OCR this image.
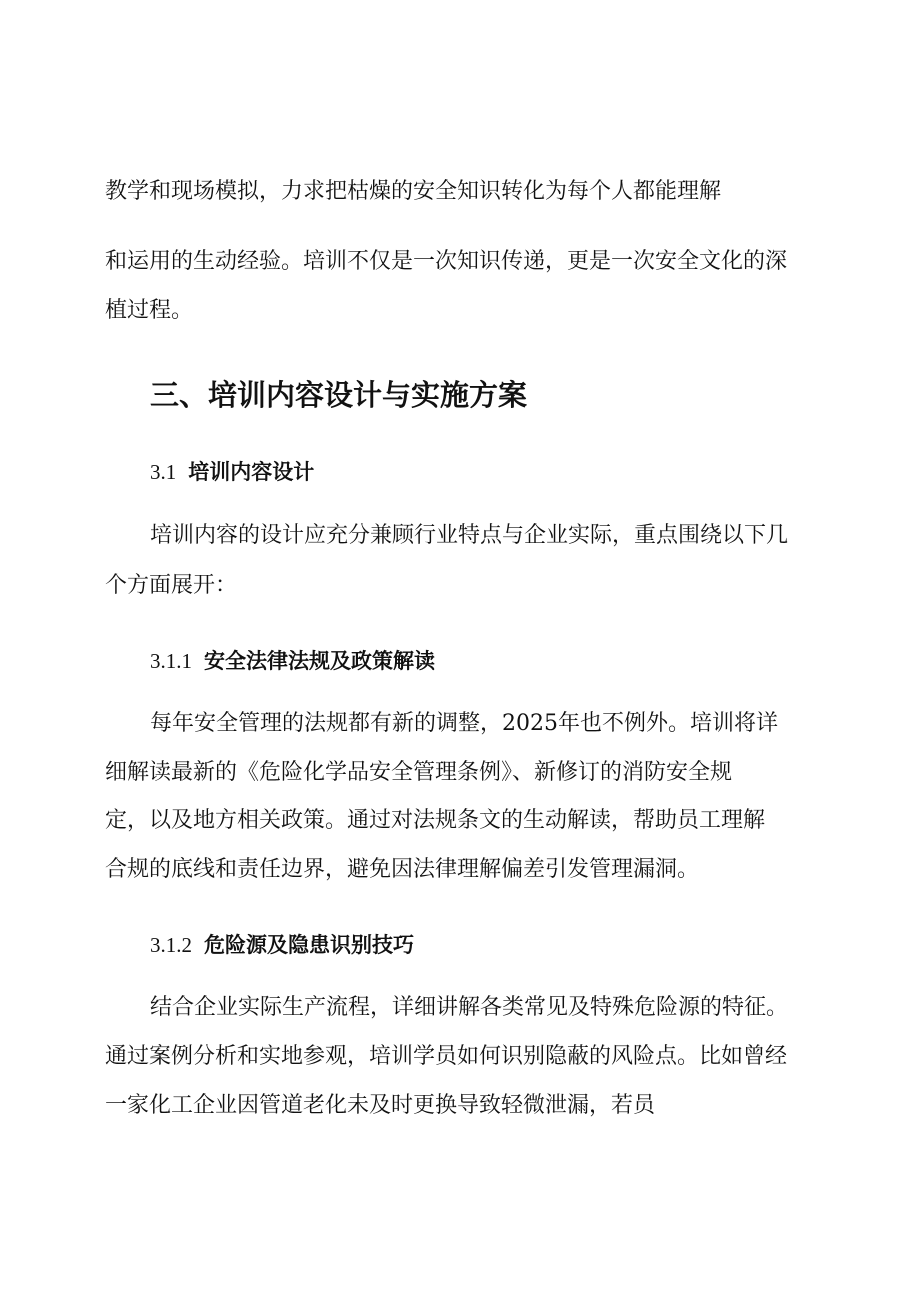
教学和现场模拟，力求把枯燥的安全知识转化为每个人都能理解
和运用的生动经验。培训不仅是一次知识传递，更是一次安全文化的深
植过程。
三、培训内容设计与实施方案
3.1 培训内容设计
培训内容的设计应充分兼顾行业特点与企业实际，重点围绕以下几
个方面展开：
3.1.1 安全法律法规及政策解读
每年安全管理的法规都有新的调整，2025年也不例外。培训将详
细解读最新的《危险化学品安全管理条例》、新修订的消防安全规
定，以及地方相关政策。通过对法规条文的生动解读，帮助员工理解
合规的底线和责任边界，避免因法律理解偏差引发管理漏洞。
3.1.2 危险源及隐患识别技巧
结合企业实际生产流程，详细讲解各类常见及特殊危险源的特征。
通过案例分析和实地参观，培训学员如何识别隐蔽的风险点。比如曾经
一家化工企业因管道老化未及时更换导致轻微泄漏，若员
